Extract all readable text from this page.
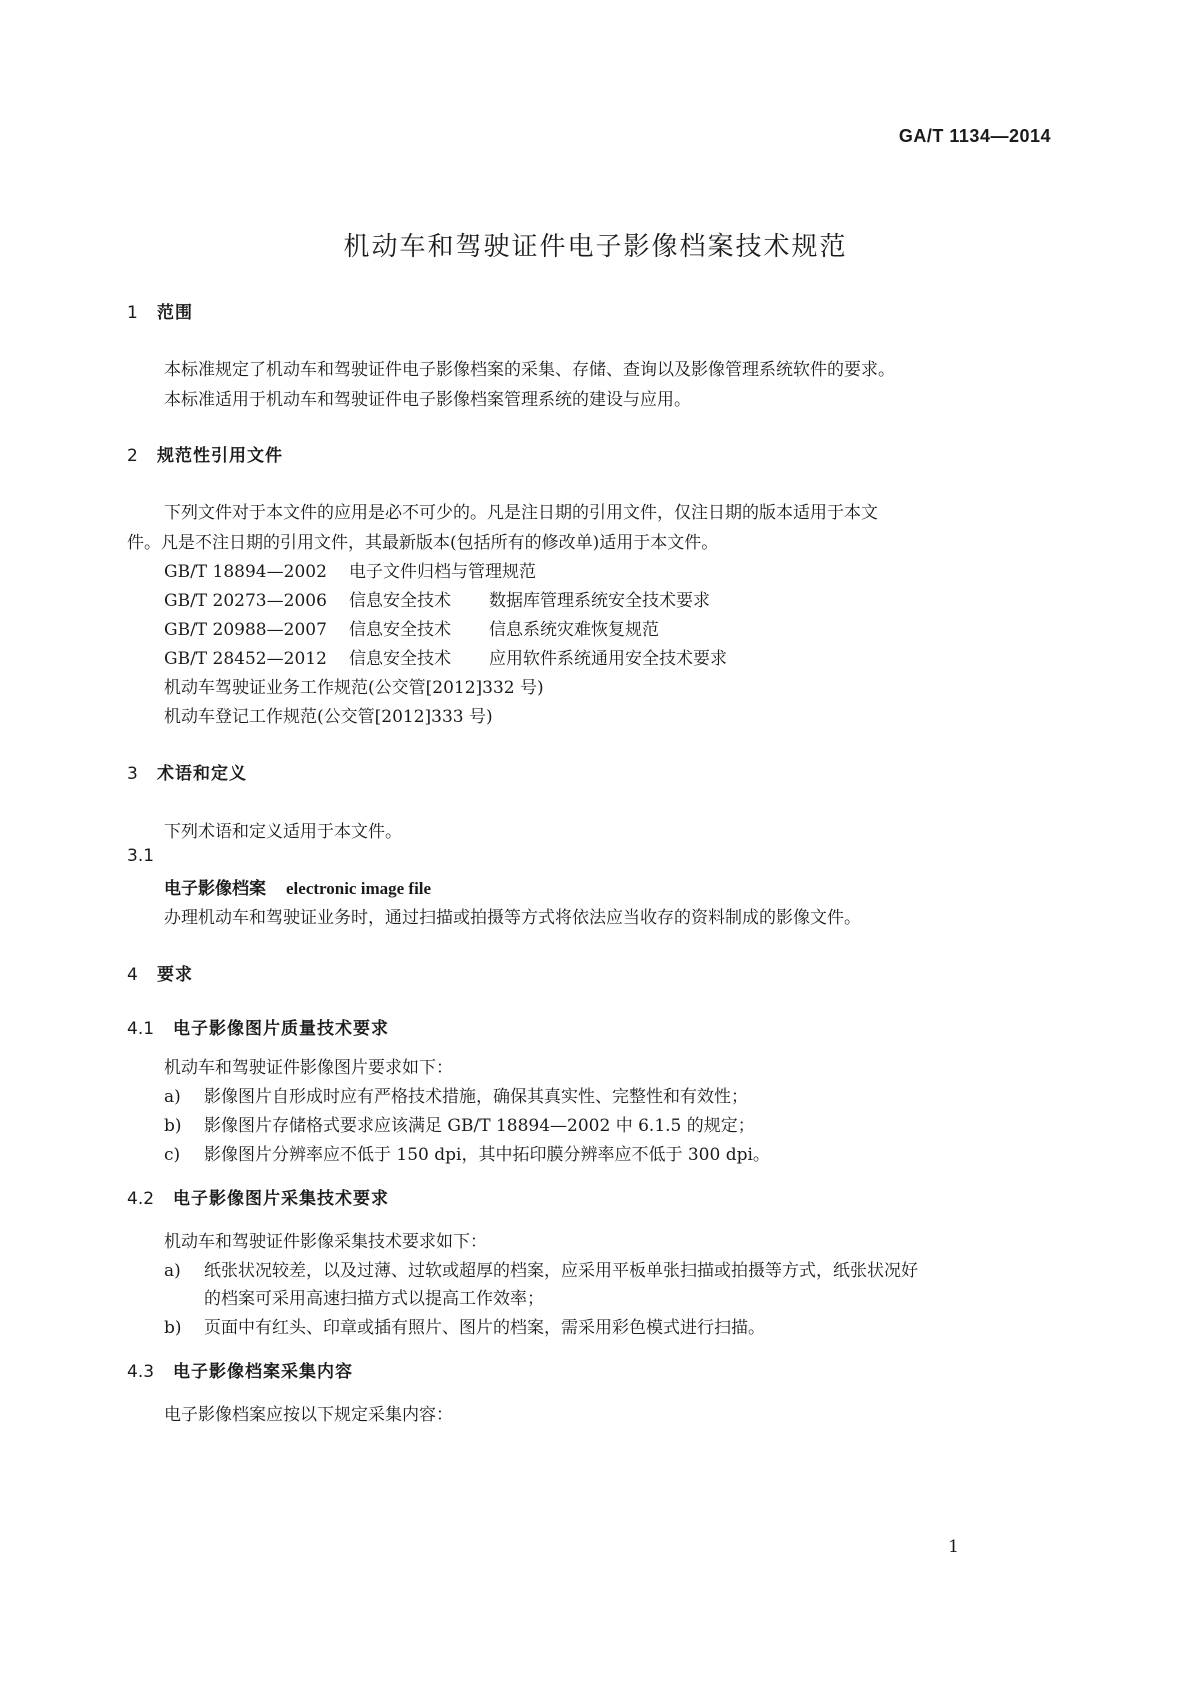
GA/T 1134—2014
机动车和驾驶证件电子影像档案技术规范
1 范围
本标准规定了机动车和驾驶证件电子影像档案的采集、存储、查询以及影像管理系统软件的要求。
本标准适用于机动车和驾驶证件电子影像档案管理系统的建设与应用。
2 规范性引用文件
下列文件对于本文件的应用是必不可少的。凡是注日期的引用文件，仅注日期的版本适用于本文
件。凡是不注日期的引用文件，其最新版本(包括所有的修改单)适用于本文件。
GB/T 18894—2002 电子文件归档与管理规范
GB/T 20273—2006 信息安全技术 数据库管理系统安全技术要求
GB/T 20988—2007 信息安全技术 信息系统灾难恢复规范
GB/T 28452—2012 信息安全技术 应用软件系统通用安全技术要求
机动车驾驶证业务工作规范(公交管[2012]332 号)
机动车登记工作规范(公交管[2012]333 号)
3 术语和定义
下列术语和定义适用于本文件。
3.1
电子影像档案 electronic image file
办理机动车和驾驶证业务时，通过扫描或拍摄等方式将依法应当收存的资料制成的影像文件。
4 要求
4.1 电子影像图片质量技术要求
机动车和驾驶证件影像图片要求如下：
a) 影像图片自形成时应有严格技术措施，确保其真实性、完整性和有效性；
b) 影像图片存储格式要求应该满足 GB/T 18894—2002 中 6.1.5 的规定；
c) 影像图片分辨率应不低于 150 dpi，其中拓印膜分辨率应不低于 300 dpi。
4.2 电子影像图片采集技术要求
机动车和驾驶证件影像采集技术要求如下：
a) 纸张状况较差，以及过薄、过软或超厚的档案，应采用平板单张扫描或拍摄等方式，纸张状况好
的档案可采用高速扫描方式以提高工作效率；
b) 页面中有红头、印章或插有照片、图片的档案，需采用彩色模式进行扫描。
4.3 电子影像档案采集内容
电子影像档案应按以下规定采集内容：
1
